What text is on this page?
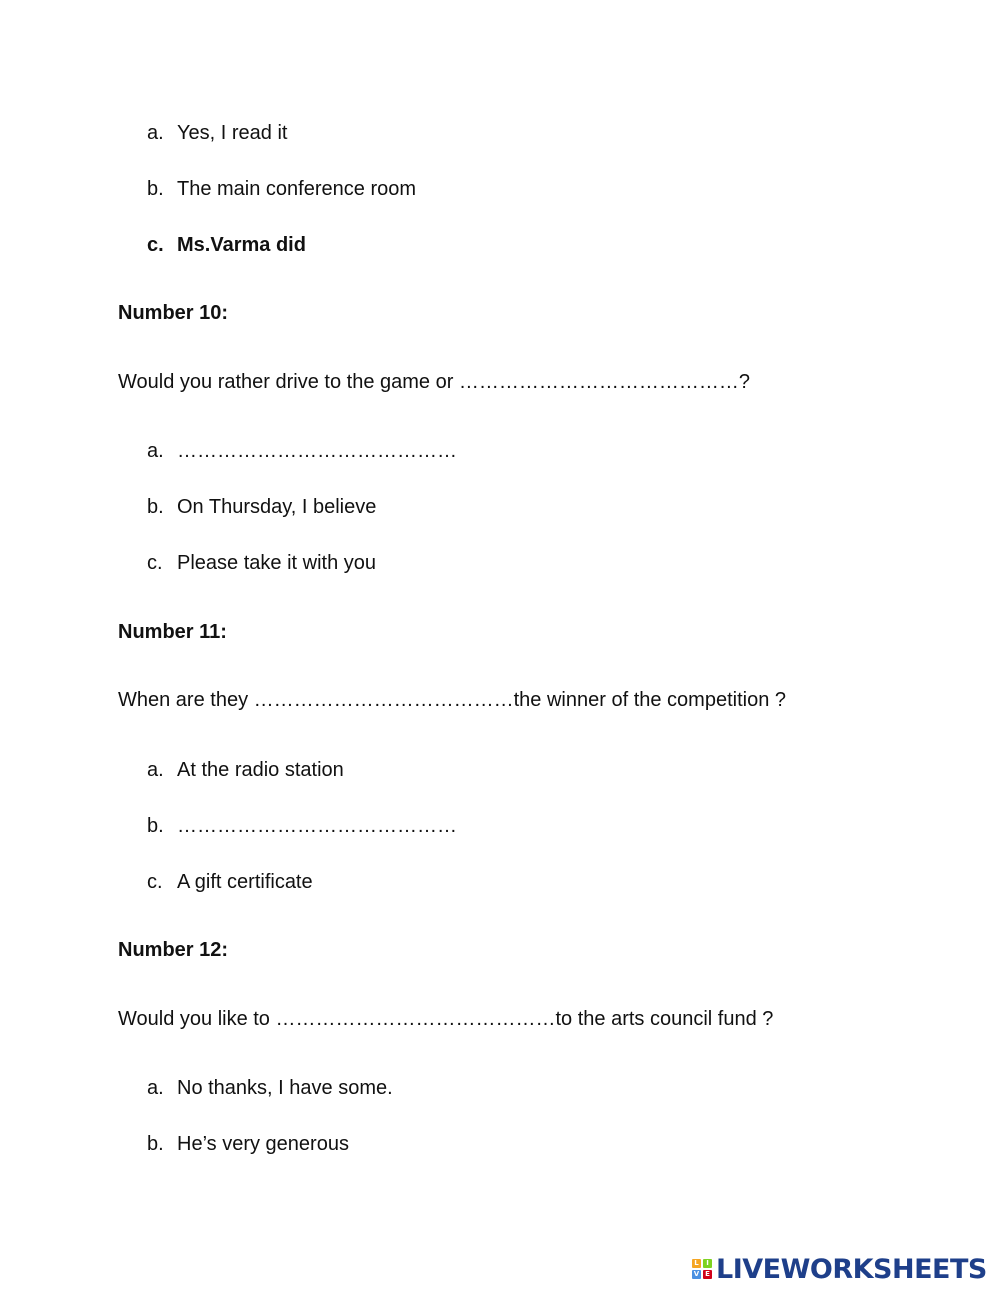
a. Yes, I read it
b. The main conference room
c. Ms.Varma did
Number 10:
Would you rather drive to the game or ……………………………………?
a. ……………………………………
b. On Thursday, I believe
c. Please take it with you
Number 11:
When are they …………………………………the winner of the competition ?
a. At the radio station
b. ……………………………………
c. A gift certificate
Number 12:
Would you like to ……………………………………to the arts council fund ?
a. No thanks, I have some.
b. He’s very generous
L	I
V E LIVEWORKSHEETS
